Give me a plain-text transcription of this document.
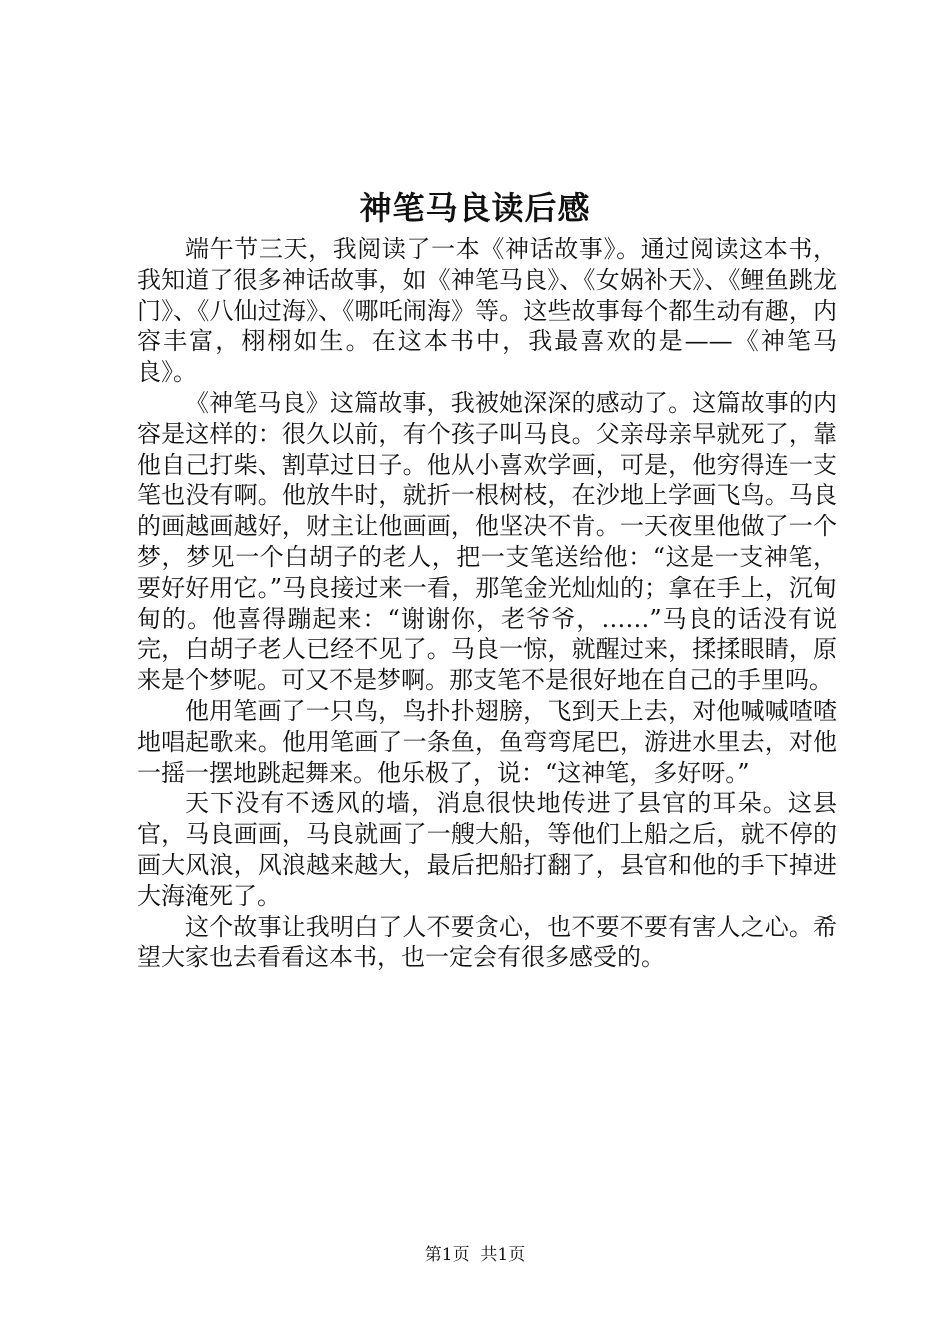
神笔马良读后感

端午节三天，我阅读了一本《神话故事》。通过阅读这本书，我知道了很多神话故事，如《神笔马良》、《女娲补天》、《鲤鱼跳龙门》、《八仙过海》、《哪吒闹海》等。这些故事每个都生动有趣，内容丰富，栩栩如生。在这本书中，我最喜欢的是——《神笔马良》。

《神笔马良》这篇故事，我被她深深的感动了。这篇故事的内容是这样的：很久以前，有个孩子叫马良。父亲母亲早就死了，靠他自己打柴、割草过日子。他从小喜欢学画，可是，他穷得连一支笔也没有啊。他放牛时，就折一根树枝，在沙地上学画飞鸟。马良的画越画越好，财主让他画画，他坚决不肯。一天夜里他做了一个梦，梦见一个白胡子的老人，把一支笔送给他：“这是一支神笔，要好好用它。”马良接过来一看，那笔金光灿灿的；拿在手上，沉甸甸的。他喜得蹦起来：“谢谢你，老爷爷，……”马良的话没有说完，白胡子老人已经不见了。马良一惊，就醒过来，揉揉眼睛，原来是个梦呢。可又不是梦啊。那支笔不是很好地在自己的手里吗。

他用笔画了一只鸟，鸟扑扑翅膀，飞到天上去，对他喊喊喳喳地唱起歌来。他用笔画了一条鱼，鱼弯弯尾巴，游进水里去，对他一摇一摆地跳起舞来。他乐极了，说：“这神笔，多好呀。”

天下没有不透风的墙，消息很快地传进了县官的耳朵。这县官，马良画画，马良就画了一艘大船，等他们上船之后，就不停的画大风浪，风浪越来越大，最后把船打翻了，县官和他的手下掉进大海淹死了。

这个故事让我明白了人不要贪心，也不要不要有害人之心。希望大家也去看看这本书，也一定会有很多感受的。

第1页 共1页
